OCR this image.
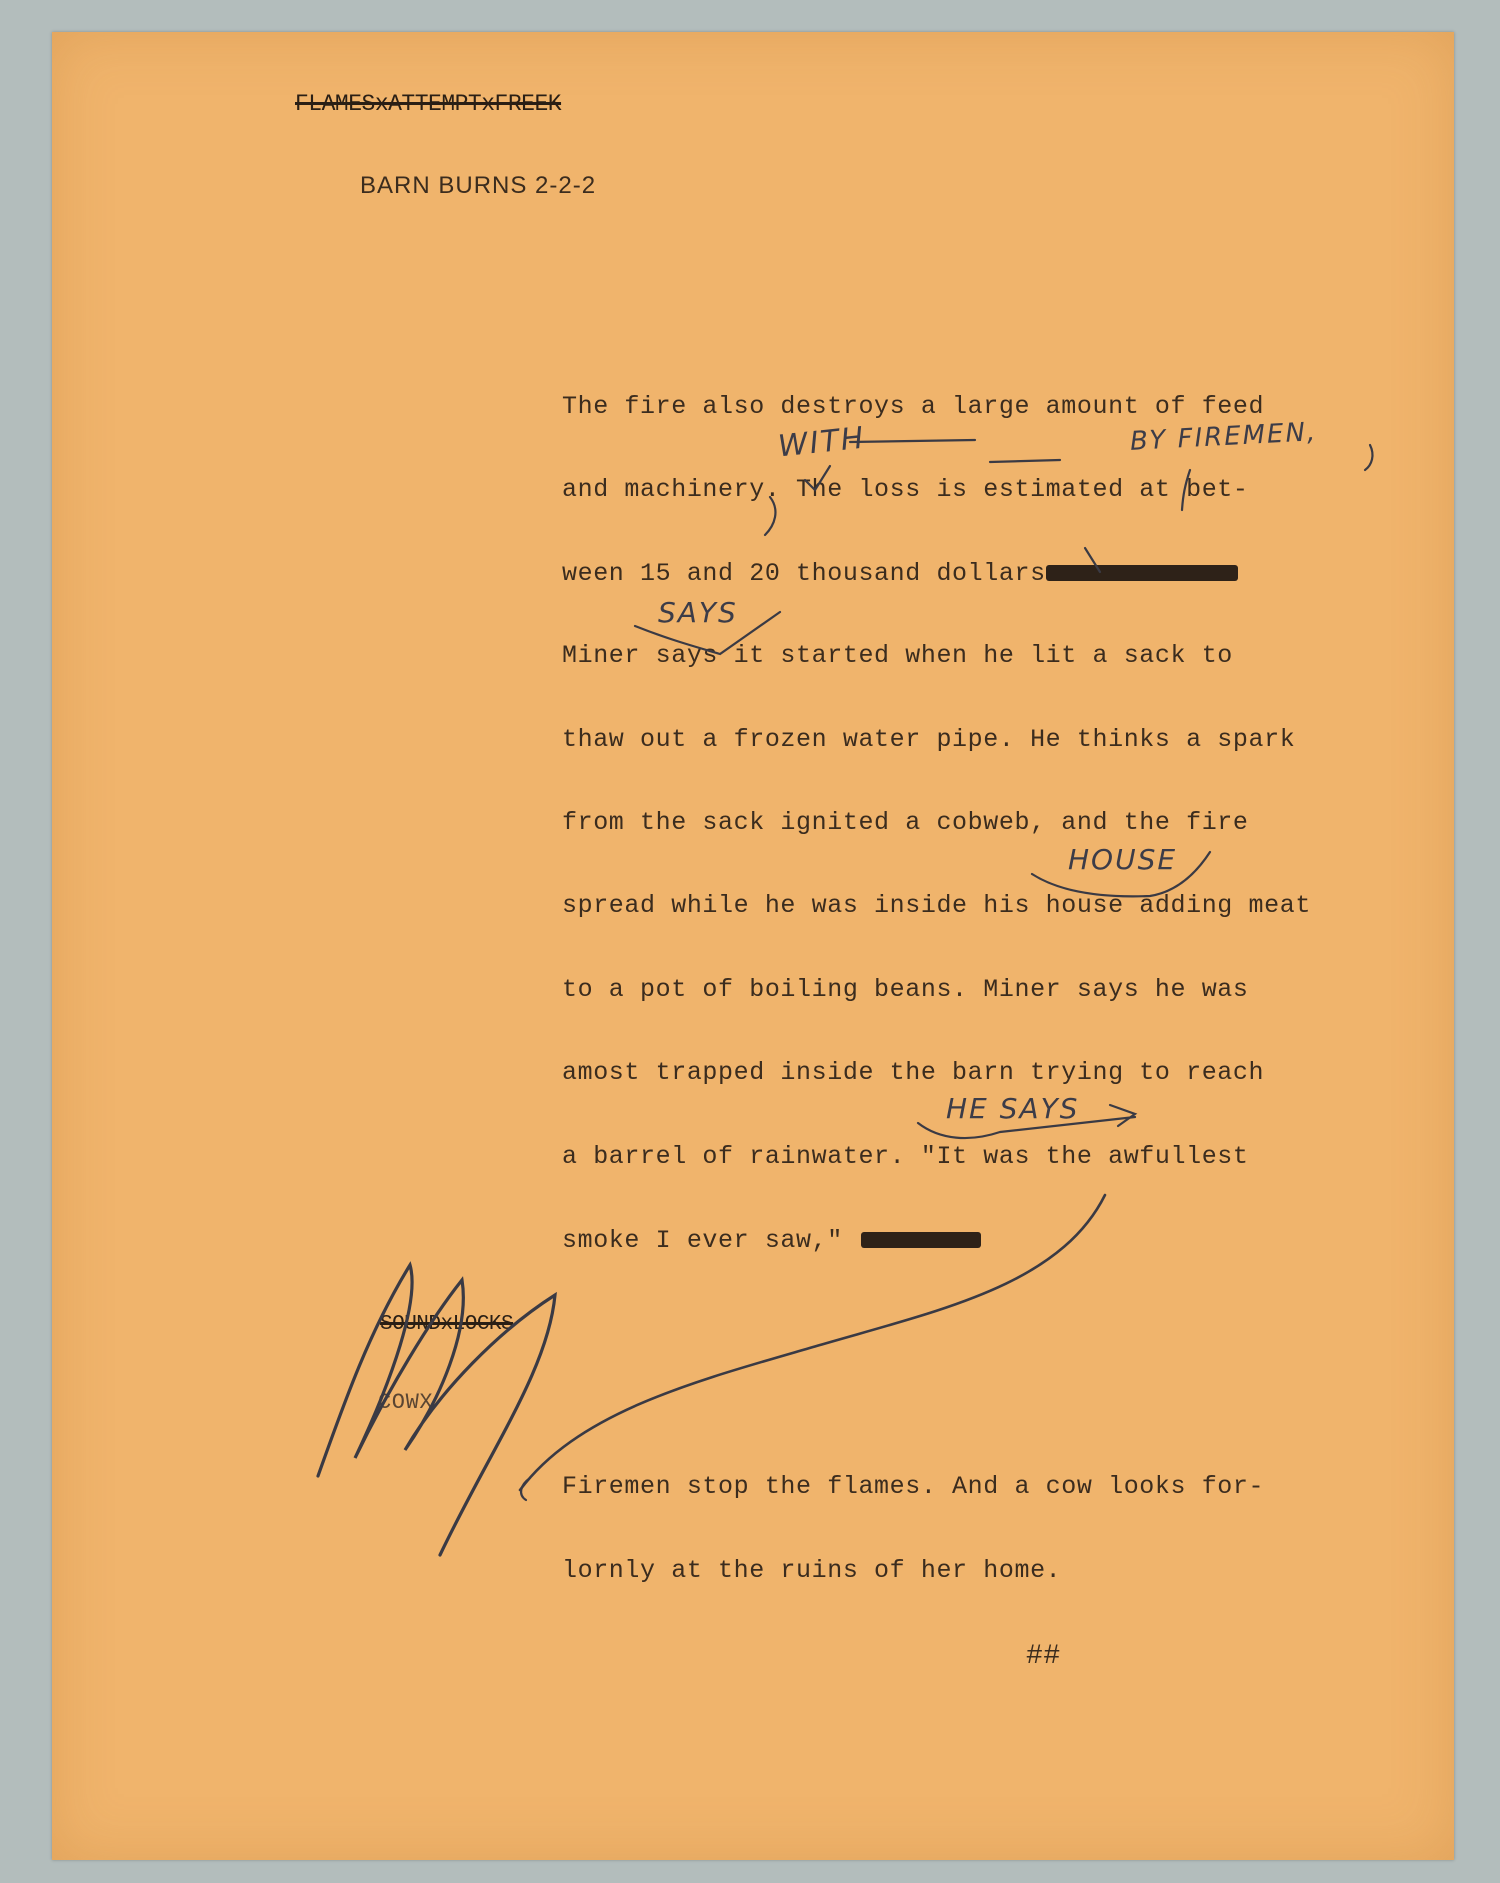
FLAMESxATTEMPTxFREEK
BARN BURNS 2-2-2
The fire also destroys a large amount of feed
and machinery. The loss is estimated at bet-
ween 15 and 20 thousand dollars
Miner says it started when he lit a sack to
thaw out a frozen water pipe. He thinks a spark
from the sack ignited a cobweb, and the fire
spread while he was inside his house adding meat
to a pot of boiling beans. Miner says he was
amost trapped inside the barn trying to reach
a barrel of rainwater. "It was the awfullest
smoke I ever saw,"
SOUNDxLOCKS
COWX
Firemen stop the flames. And a cow looks for-
lornly at the ruins of her home.
##
WITH	BY FIREMEN,
SAYS
HOUSE
HE SAYS
